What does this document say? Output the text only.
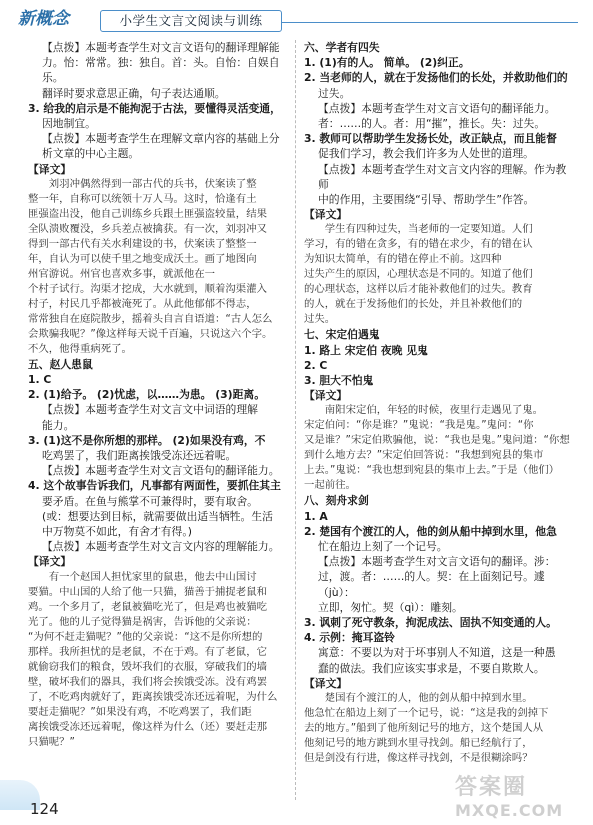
新概念	小学生文言文阅读与训练

【点拨】本题考查学生对文言文语句的翻译理解能

力。怡：常常。独：独自。首：头。自怡：自娱自乐。

翻译时要求意思正确，句子表达通顺。

3. 给我的启示是不能拘泥于古法，要懂得灵活变通，

因地制宜。

【点拨】本题考查学生在理解文章内容的基础上分

析文章的中心主题。

【译文】

刘羽冲偶然得到一部古代的兵书，伏案读了整

整一年，自称可以统领十万人马。这时，恰逢有土

匪强盗出没，他自己训练乡兵跟土匪强盗较量，结果

全队溃败覆没，乡兵差点被擒获。有一次，刘羽冲又

得到一部古代有关水利建设的书，伏案读了整整一

年，自认为可以使千里之地变成沃土。画了地图向

州官游说。州官也喜欢多事，就派他在一

个村子试行。沟渠才挖成，大水就到，顺着沟渠灌入

村子，村民几乎都被淹死了。从此他郁郁不得志，

常常独自在庭院散步，摇着头自言自语道：“古人怎么

会欺骗我呢？”像这样每天说千百遍，只说这六个字。

不久，他得重病死了。

五、赵人患鼠

1. C

2. (1)给予。 (2)忧虑，以……为患。 (3)距离。

【点拨】本题考查学生对文言文中词语的理解

能力。

3. (1)这不是你所想的那样。 (2)如果没有鸡，不

吃鸡罢了，我们距离挨饿受冻还远着呢。

【点拨】本题考查学生对文言文语句的翻译能力。

4. 这个故事告诉我们，凡事都有两面性，要抓住其主

要矛盾。在鱼与熊掌不可兼得时，要有取舍。

(或：想要达到目标，就需要做出适当牺牲。生活

中万物莫不如此，有舍才有得。)

【点拨】本题考查学生对文言文内容的理解能力。

【译文】

有一个赵国人担忧家里的鼠患，他去中山国讨

要猫。中山国的人给了他一只猫，猫善于捕捉老鼠和

鸡。一个多月了，老鼠被猫吃光了，但是鸡也被猫吃

光了。他的儿子觉得猫是祸害，告诉他的父亲说：

“为何不赶走猫呢？”他的父亲说：“这不是你所想的

那样。我所担忧的是老鼠，不在于鸡。有了老鼠，它

就偷窃我们的粮食，毁坏我们的衣服，穿破我们的墙

壁，破坏我们的器具，我们将会挨饿受冻。没有鸡罢

了，不吃鸡肉就好了，距离挨饿受冻还远着呢，为什么

要赶走猫呢？”如果没有鸡，不吃鸡罢了，我们距

离挨饿受冻还远着呢，像这样为什么（还）要赶走那

只猫呢？”

六、学者有四失

1. (1)有的人。 简单。 (2)纠正。

2. 当老师的人，就在于发扬他们的长处，并救助他们的

过失。

【点拨】本题考查学生对文言文语句的翻译能力。

者：……的人。者：用“摧”，推长。失：过失。

3. 教师可以帮助学生发扬长处，改正缺点，而且能督

促我们学习，教会我们许多为人处世的道理。

【点拨】本题考查学生对文言文内容的理解。作为教师

中的作用，主要围绕“引导、帮助学生”作答。

【译文】

学生有四种过失，当老师的一定要知道。人们

学习，有的错在贪多，有的错在求少，有的错在认

为知识太简单，有的错在停止不前。这四种

过失产生的原因，心理状态是不同的。知道了他们

的心理状态，这样以后才能补救他们的过失。教育

的人，就在于发扬他们的长处，并且补救他们的

过失。

七、宋定伯遇鬼

1. 路上 宋定伯 夜晚 见鬼

2. C

3. 胆大不怕鬼

【译文】

南阳宋定伯，年轻的时候，夜里行走遇见了鬼。

宋定伯问：“你是谁？”鬼说：“我是鬼。”鬼问：“你

又是谁？”宋定伯欺骗他，说：“我也是鬼。”鬼问道：“你想

到什么地方去？”宋定伯回答说：“我想到宛县的集市

上去。”鬼说：“我也想到宛县的集市上去。”于是（他们）

一起前往。

八、刻舟求剑

1. A

2. 楚国有个渡江的人，他的剑从船中掉到水里，他急

忙在船边上刻了一个记号。

【点拨】本题考查学生对文言文语句的翻译。涉：

过，渡。者：……的人。契：在上面刻记号。遽（jù）：

立即，匆忙。契（qì）：雕刻。

3. 讽刺了死守教条，拘泥成法、固执不知变通的人。

4. 示例：掩耳盗铃

寓意：不要以为对于坏事别人不知道，这是一种愚

蠢的做法。我们应该实事求是，不要自欺欺人。

【译文】

楚国有个渡江的人，他的剑从船中掉到水里。

他急忙在船边上刻了一个记号，说：“这是我的剑掉下

去的地方。”船到了他所刻记号的地方，这个楚国人从

他刻记号的地方跳到水里寻找剑。船已经航行了，

但是剑没有行进，像这样寻找剑，不是很糊涂吗？

124
答案圈
MXQE.COM
